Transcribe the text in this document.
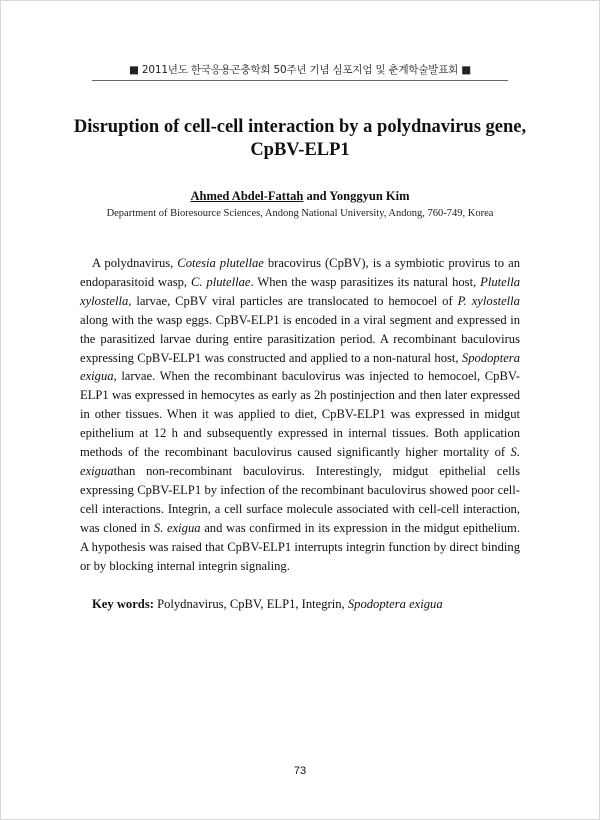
■ 2011년도 한국응용곤충학회 50주년 기념 심포지엄 및 춘계학술발표회 ■
Disruption of cell-cell interaction by a polydnavirus gene,
CpBV-ELP1
Ahmed Abdel-Fattah and Yonggyun Kim
Department of Bioresource Sciences, Andong National University, Andong, 760-749, Korea

A polydnavirus, Cotesia plutellae bracovirus (CpBV), is a symbiotic provirus to an endoparasitoid wasp, C. plutellae. When the wasp parasitizes its natural host, Plutella xylostella, larvae, CpBV viral particles are translocated to hemocoel of P. xylostella along with the wasp eggs. CpBV-ELP1 is encoded in a viral segment and expressed in the parasitized larvae during entire parasitization period. A recombinant baculovirus expressing CpBV-ELP1 was constructed and applied to a non-natural host, Spodoptera exigua, larvae. When the recombinant baculovirus was injected to hemocoel, CpBV-ELP1 was expressed in hemocytes as early as 2h postinjection and then later expressed in other tissues. When it was applied to diet, CpBV-ELP1 was expressed in midgut epithelium at 12 h and subsequently expressed in internal tissues. Both application methods of the recombinant baculovirus caused significantly higher mortality of S. exiguathan non-recombinant baculovirus. Interestingly, midgut epithelial cells expressing CpBV-ELP1 by infection of the recombinant baculovirus showed poor cell-cell interactions. Integrin, a cell surface molecule associated with cell-cell interaction, was cloned in S. exigua and was confirmed in its expression in the midgut epithelium. A hypothesis was raised that CpBV-ELP1 interrupts integrin function by direct binding or by blocking internal integrin signaling.

Key words: Polydnavirus, CpBV, ELP1, Integrin, Spodoptera exigua
73
